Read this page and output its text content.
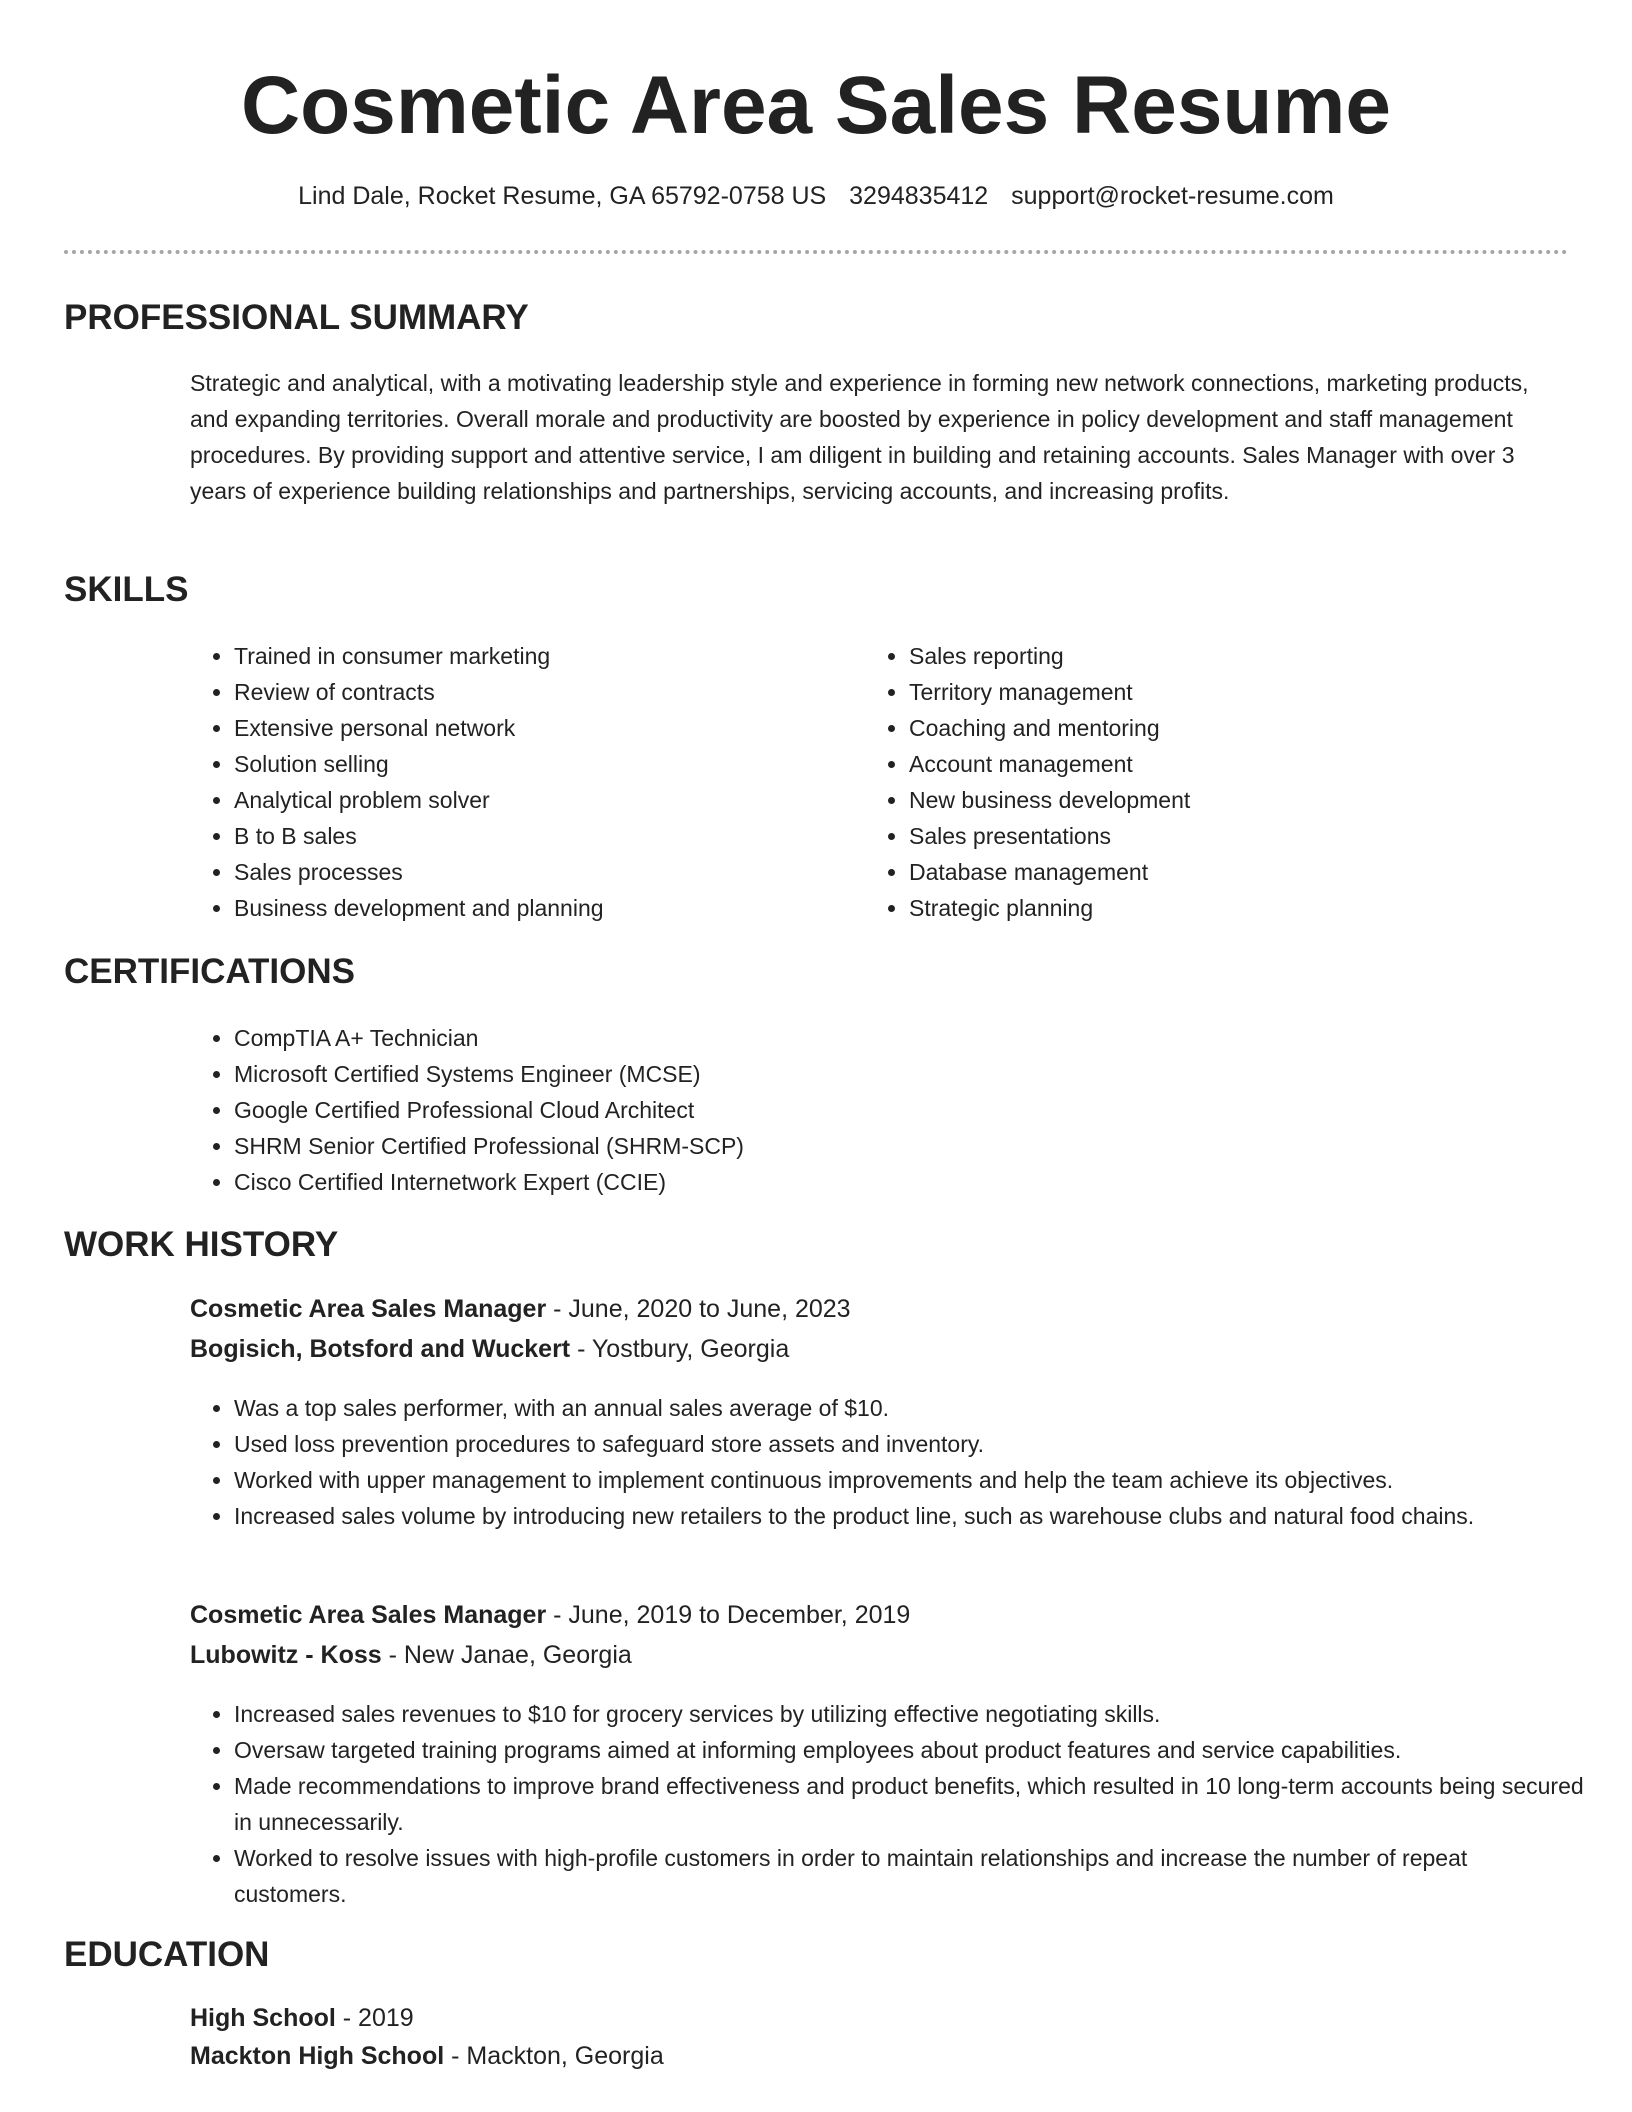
Cosmetic Area Sales Resume
Lind Dale, Rocket Resume, GA 65792-0758 US 3294835412 support@rocket-resume.com
PROFESSIONAL SUMMARY

Strategic and analytical, with a motivating leadership style and experience in forming new network connections, marketing products, and expanding territories. Overall morale and productivity are boosted by experience in policy development and staff management procedures. By providing support and attentive service, I am diligent in building and retaining accounts. Sales Manager with over 3 years of experience building relationships and partnerships, servicing accounts, and increasing profits.

SKILLS
• Trained in consumer marketing
• Review of contracts
• Extensive personal network
• Solution selling
• Analytical problem solver
• B to B sales
• Sales processes
• Business development and planning
• Sales reporting
• Territory management
• Coaching and mentoring
• Account management
• New business development
• Sales presentations
• Database management
• Strategic planning
CERTIFICATIONS
• CompTIA A+ Technician
• Microsoft Certified Systems Engineer (MCSE)
• Google Certified Professional Cloud Architect
• SHRM Senior Certified Professional (SHRM-SCP)
• Cisco Certified Internetwork Expert (CCIE)
WORK HISTORY
Cosmetic Area Sales Manager - June, 2020 to June, 2023
Bogisich, Botsford and Wuckert - Yostbury, Georgia
• Was a top sales performer, with an annual sales average of $10.
• Used loss prevention procedures to safeguard store assets and inventory.
• Worked with upper management to implement continuous improvements and help the team achieve its objectives.
• Increased sales volume by introducing new retailers to the product line, such as warehouse clubs and natural food chains.
Cosmetic Area Sales Manager - June, 2019 to December, 2019
Lubowitz - Koss - New Janae, Georgia
• Increased sales revenues to $10 for grocery services by utilizing effective negotiating skills.
• Oversaw targeted training programs aimed at informing employees about product features and service capabilities.
• Made recommendations to improve brand effectiveness and product benefits, which resulted in 10 long-term accounts being secured in unnecessarily.
• Worked to resolve issues with high-profile customers in order to maintain relationships and increase the number of repeat customers.
EDUCATION
High School - 2019
Mackton High School - Mackton, Georgia
